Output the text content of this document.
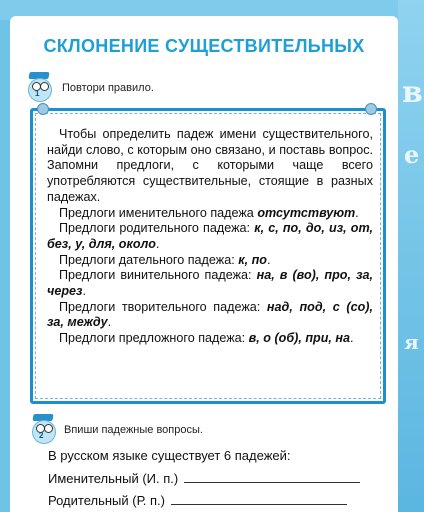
в
е
я
СКЛОНЕНИЕ СУЩЕСТВИТЕЛЬНЫХ
1 Повтори правило.

Чтобы определить падеж имени существительного, найди слово, с которым оно связано, и поставь вопрос. Запомни предлоги, с которыми чаще всего употребляются существительные, стоящие в разных падежах.

Предлоги именительного падежа отсутствуют.

Предлоги родительного падежа: к, с, по, до, из, от, без, у, для, около.

Предлоги дательного падежа: к, по.

Предлоги винительного падежа: на, в (во), про, за, через.

Предлоги творительного падежа: над, под, с (со), за, между.

Предлоги предложного падежа: в, о (об), при, на.

2 Впиши падежные вопросы.
В русском языке существует 6 падежей:
Именительный (И. п.)
Родительный (Р. п.)
